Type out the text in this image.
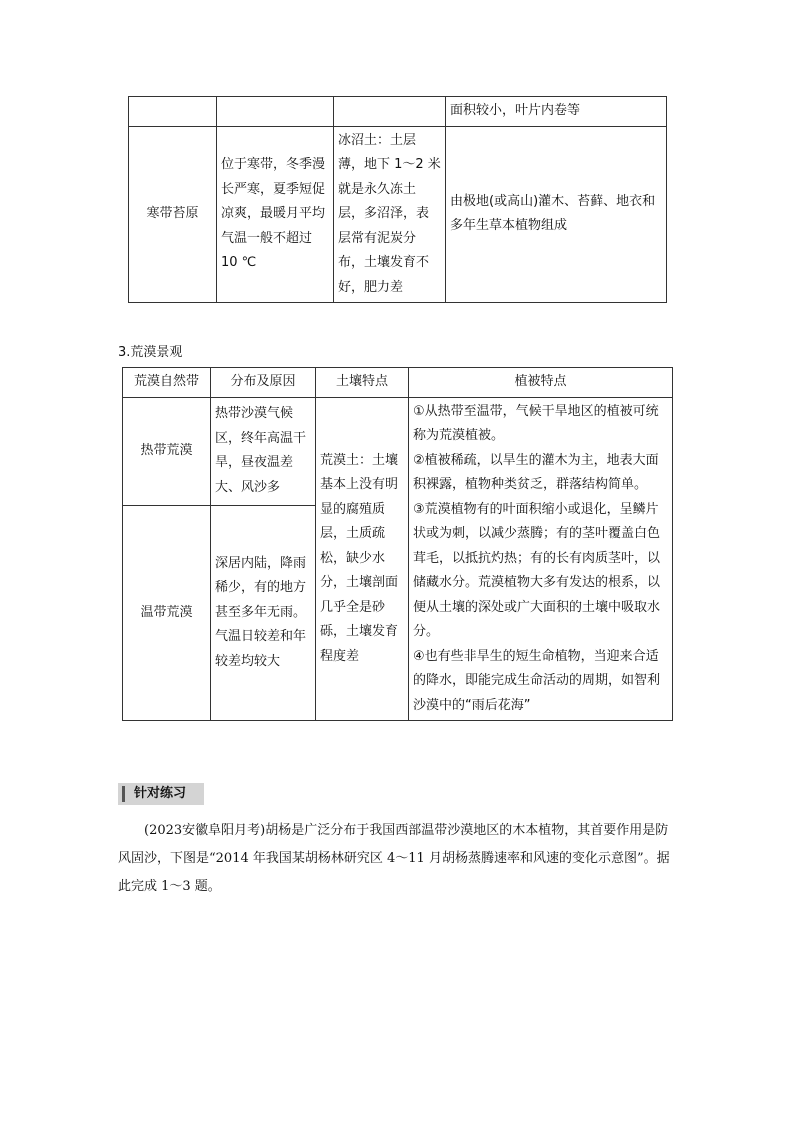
			面积较小，叶片内卷等
寒带苔原	位于寒带，冬季漫长严寒，夏季短促凉爽，最暖月平均气温一般不超过 10 ℃	冰沼土：土层薄，地下 1～2 米就是永久冻土层，多沼泽，表层常有泥炭分布，土壤发育不好，肥力差	由极地(或高山)灌木、苔藓、地衣和多年生草本植物组成
3.荒漠景观
荒漠自然带	分布及原因	土壤特点	植被特点
热带荒漠	热带沙漠气候区，终年高温干旱，昼夜温差大、风沙多	荒漠土：土壤基本上没有明显的腐殖质层，土质疏松，缺少水分，土壤剖面几乎全是砂砾，土壤发育程度差	①从热带至温带，气候干旱地区的植被可统称为荒漠植被。
②植被稀疏，以旱生的灌木为主，地表大面积裸露，植物种类贫乏，群落结构简单。
③荒漠植物有的叶面积缩小或退化，呈鳞片状或为刺，以减少蒸腾；有的茎叶覆盖白色茸毛，以抵抗灼热；有的长有肉质茎叶，以储藏水分。荒漠植物大多有发达的根系，以便从土壤的深处或广大面积的土壤中吸取水分。
④也有些非旱生的短生命植物，当迎来合适的降水，即能完成生命活动的周期，如智利沙漠中的“雨后花海”

温带荒漠	深居内陆，降雨稀少，有的地方甚至多年无雨。气温日较差和年较差均较大		
针对练习
(2023安徽阜阳月考)胡杨是广泛分布于我国西部温带沙漠地区的木本植物，其首要作用是防风固沙，下图是“2014 年我国某胡杨林研究区 4～11 月胡杨蒸腾速率和风速的变化示意图”。据此完成 1～3 题。
